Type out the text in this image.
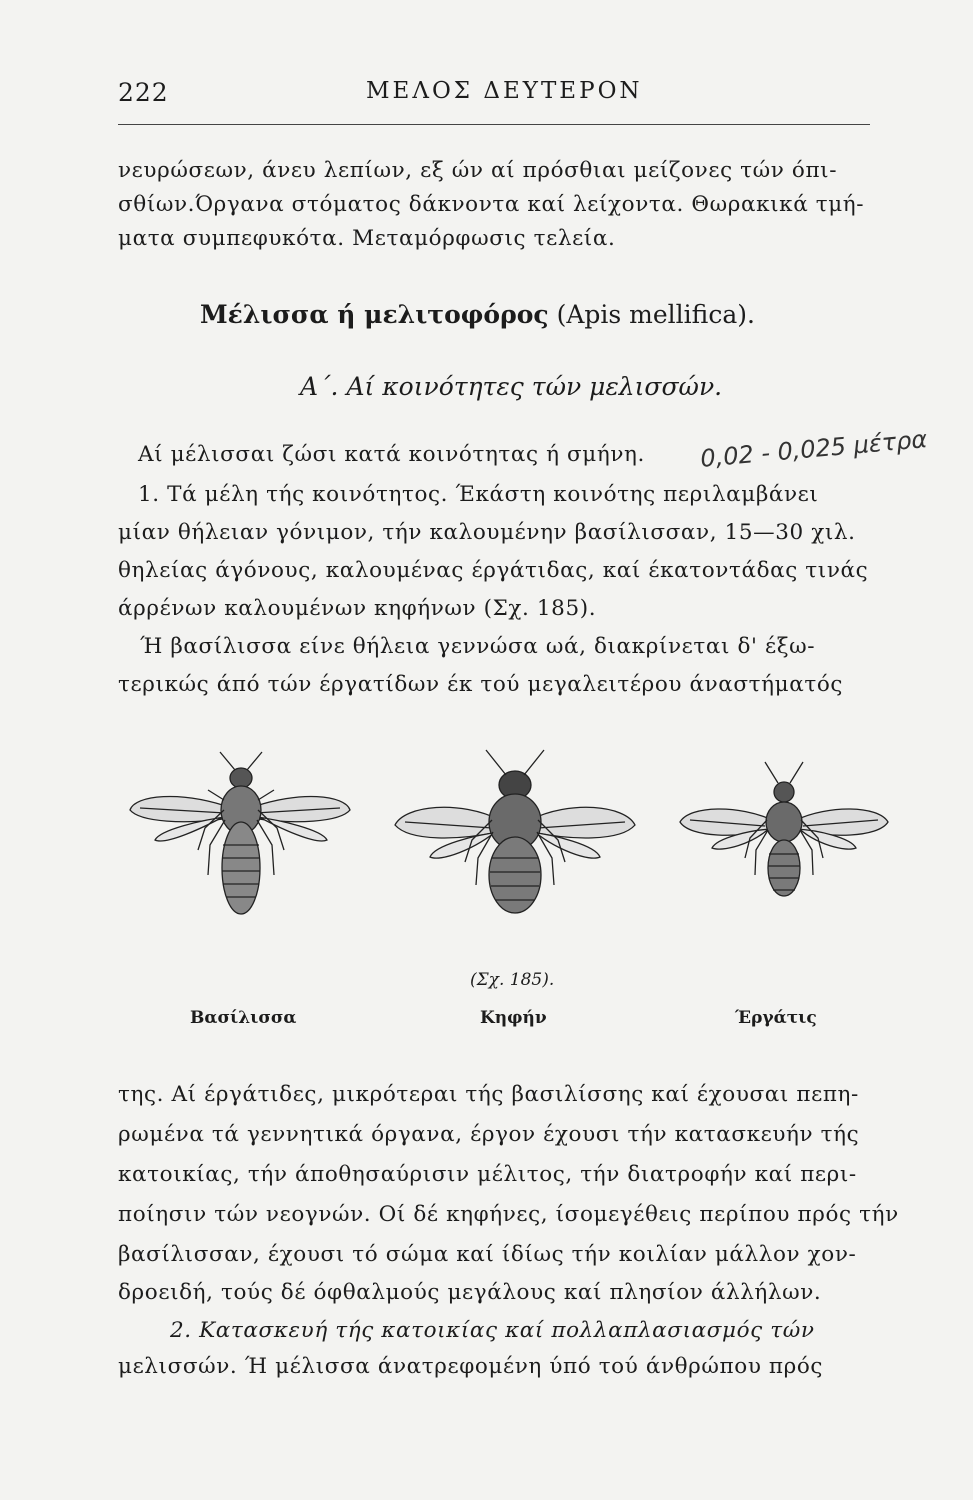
222	ΜΕΛΟΣ ΔΕΥΤΕΡΟΝ
νευρώσεων, άνευ λεπίων, εξ ών αί πρόσθιαι μείζονες τών όπι-
σθίων.Όργανα στόματος δάκνοντα καί λείχοντα. Θωρακικά τμή-
ματα συμπεφυκότα. Μεταμόρφωσις τελεία.
Μέλισσα ή μελιτοφόρος (Apis mellifica).
Α΄. Αί κοινότητες τών μελισσών.
Αί μέλισσαι ζώσι κατά κοινότητας ή σμήνη.	0,02 - 0,025 μέτρα
1. Τά μέλη τής κοινότητος. Έκάστη κοινότης περιλαμβάνει
μίαν θήλειαν γόνιμον, τήν καλουμένην βασίλισσαν, 15—30 χιλ.
θηλείας άγόνους, καλουμένας έργάτιδας, καί έκατοντάδας τινάς
άρρένων καλουμένων κηφήνων (Σχ. 185).
Ή βασίλισσα είνε θήλεια γεννώσα ωά, διακρίνεται δ' έξω-
τερικώς άπό τών έργατίδων έκ τού μεγαλειτέρου άναστήματός
(Σχ. 185).
Βασίλισσα	Κηφήν	Έργάτις
της. Αί έργάτιδες, μικρότεραι τής βασιλίσσης καί έχουσαι πεπη-
ρωμένα τά γεννητικά όργανα, έργον έχουσι τήν κατασκευήν τής
κατοικίας, τήν άποθησαύρισιν μέλιτος, τήν διατροφήν καί περι-
ποίησιν τών νεογνών. Οί δέ κηφήνες, ίσομεγέθεις περίπου πρός τήν
βασίλισσαν, έχουσι τό σώμα καί ίδίως τήν κοιλίαν μάλλον χον-
δροειδή, τούς δέ όφθαλμούς μεγάλους καί πλησίον άλλήλων.
2. Κατασκευή τής κατοικίας καί πολλαπλασιασμός τών
μελισσών. Ή μέλισσα άνατρεφομένη ύπό τού άνθρώπου πρός
